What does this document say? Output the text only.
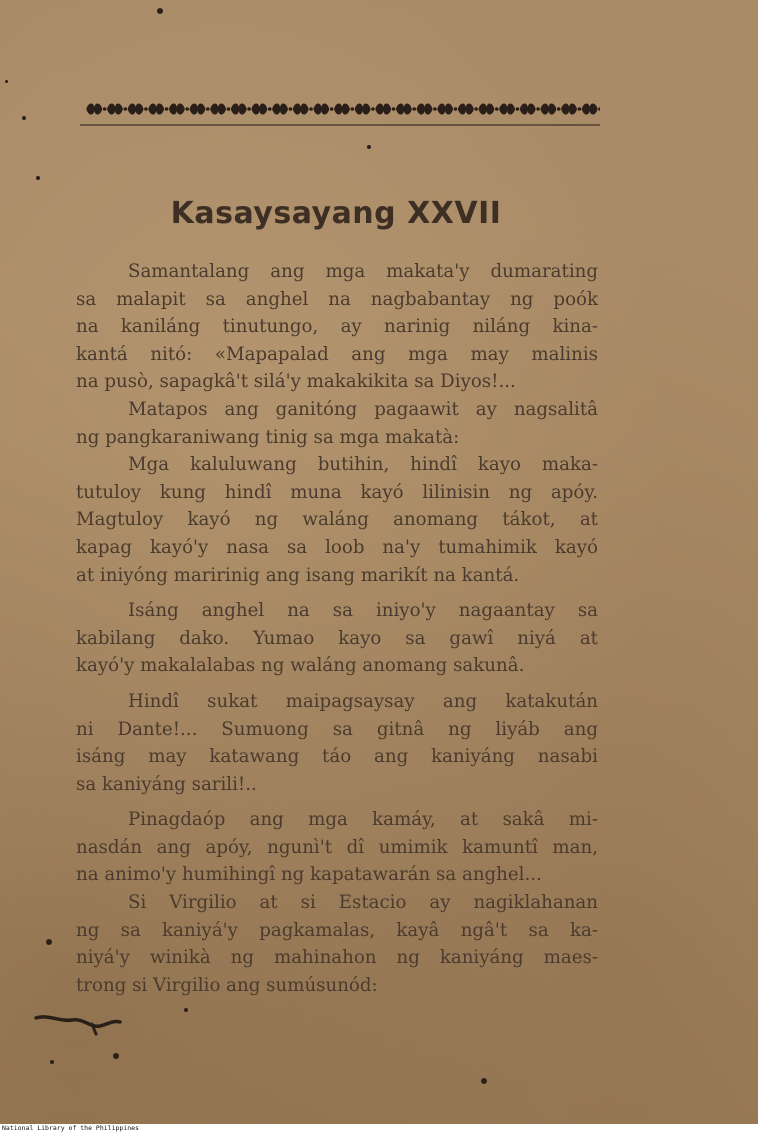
Kasaysayang XXVII
Samantalang ang mga makata'y dumarating
sa malapit sa anghel na nagbabantay ng poók
na kaniláng tinutungo, ay narinig niláng kina-
kantá nitó: «Mapapalad ang mga may malinis
na pusò, sapagkâ't silá'y makakikita sa Diyos!...
Matapos ang ganitóng pagaawit ay nagsalitâ
ng pangkaraniwang tinig sa mga makatà:
Mga kaluluwang butihin, hindî kayo maka-
tutuloy kung hindî muna kayó lilinisin ng apóy.
Magtuloy kayó ng waláng anomang tákot, at
kapag kayó'y nasa sa loob na'y tumahimik kayó
at iniyóng maririnig ang isang marikít na kantá.
Isáng anghel na sa iniyo'y nagaantay sa
kabilang dako. Yumao kayo sa gawî niyá at
kayó'y makalalabas ng waláng anomang sakunâ.
Hindî sukat maipagsaysay ang katakután
ni Dante!... Sumuong sa gitnâ ng liyáb ang
isáng may katawang táo ang kaniyáng nasabi
sa kaniyáng sarili!..
Pinagdaóp ang mga kamáy, at sakâ mi-
nasdán ang apóy, ngunì't dî umimik kamuntî man,
na animo'y humihingî ng kapatawarán sa anghel...
Si Virgilio at si Estacio ay nagiklahanan
ng sa kaniyá'y pagkamalas, kayâ ngâ't sa ka-
niyá'y winikà ng mahinahon ng kaniyáng maes-
trong si Virgilio ang sumúsunód:
National Library of the Philippines
